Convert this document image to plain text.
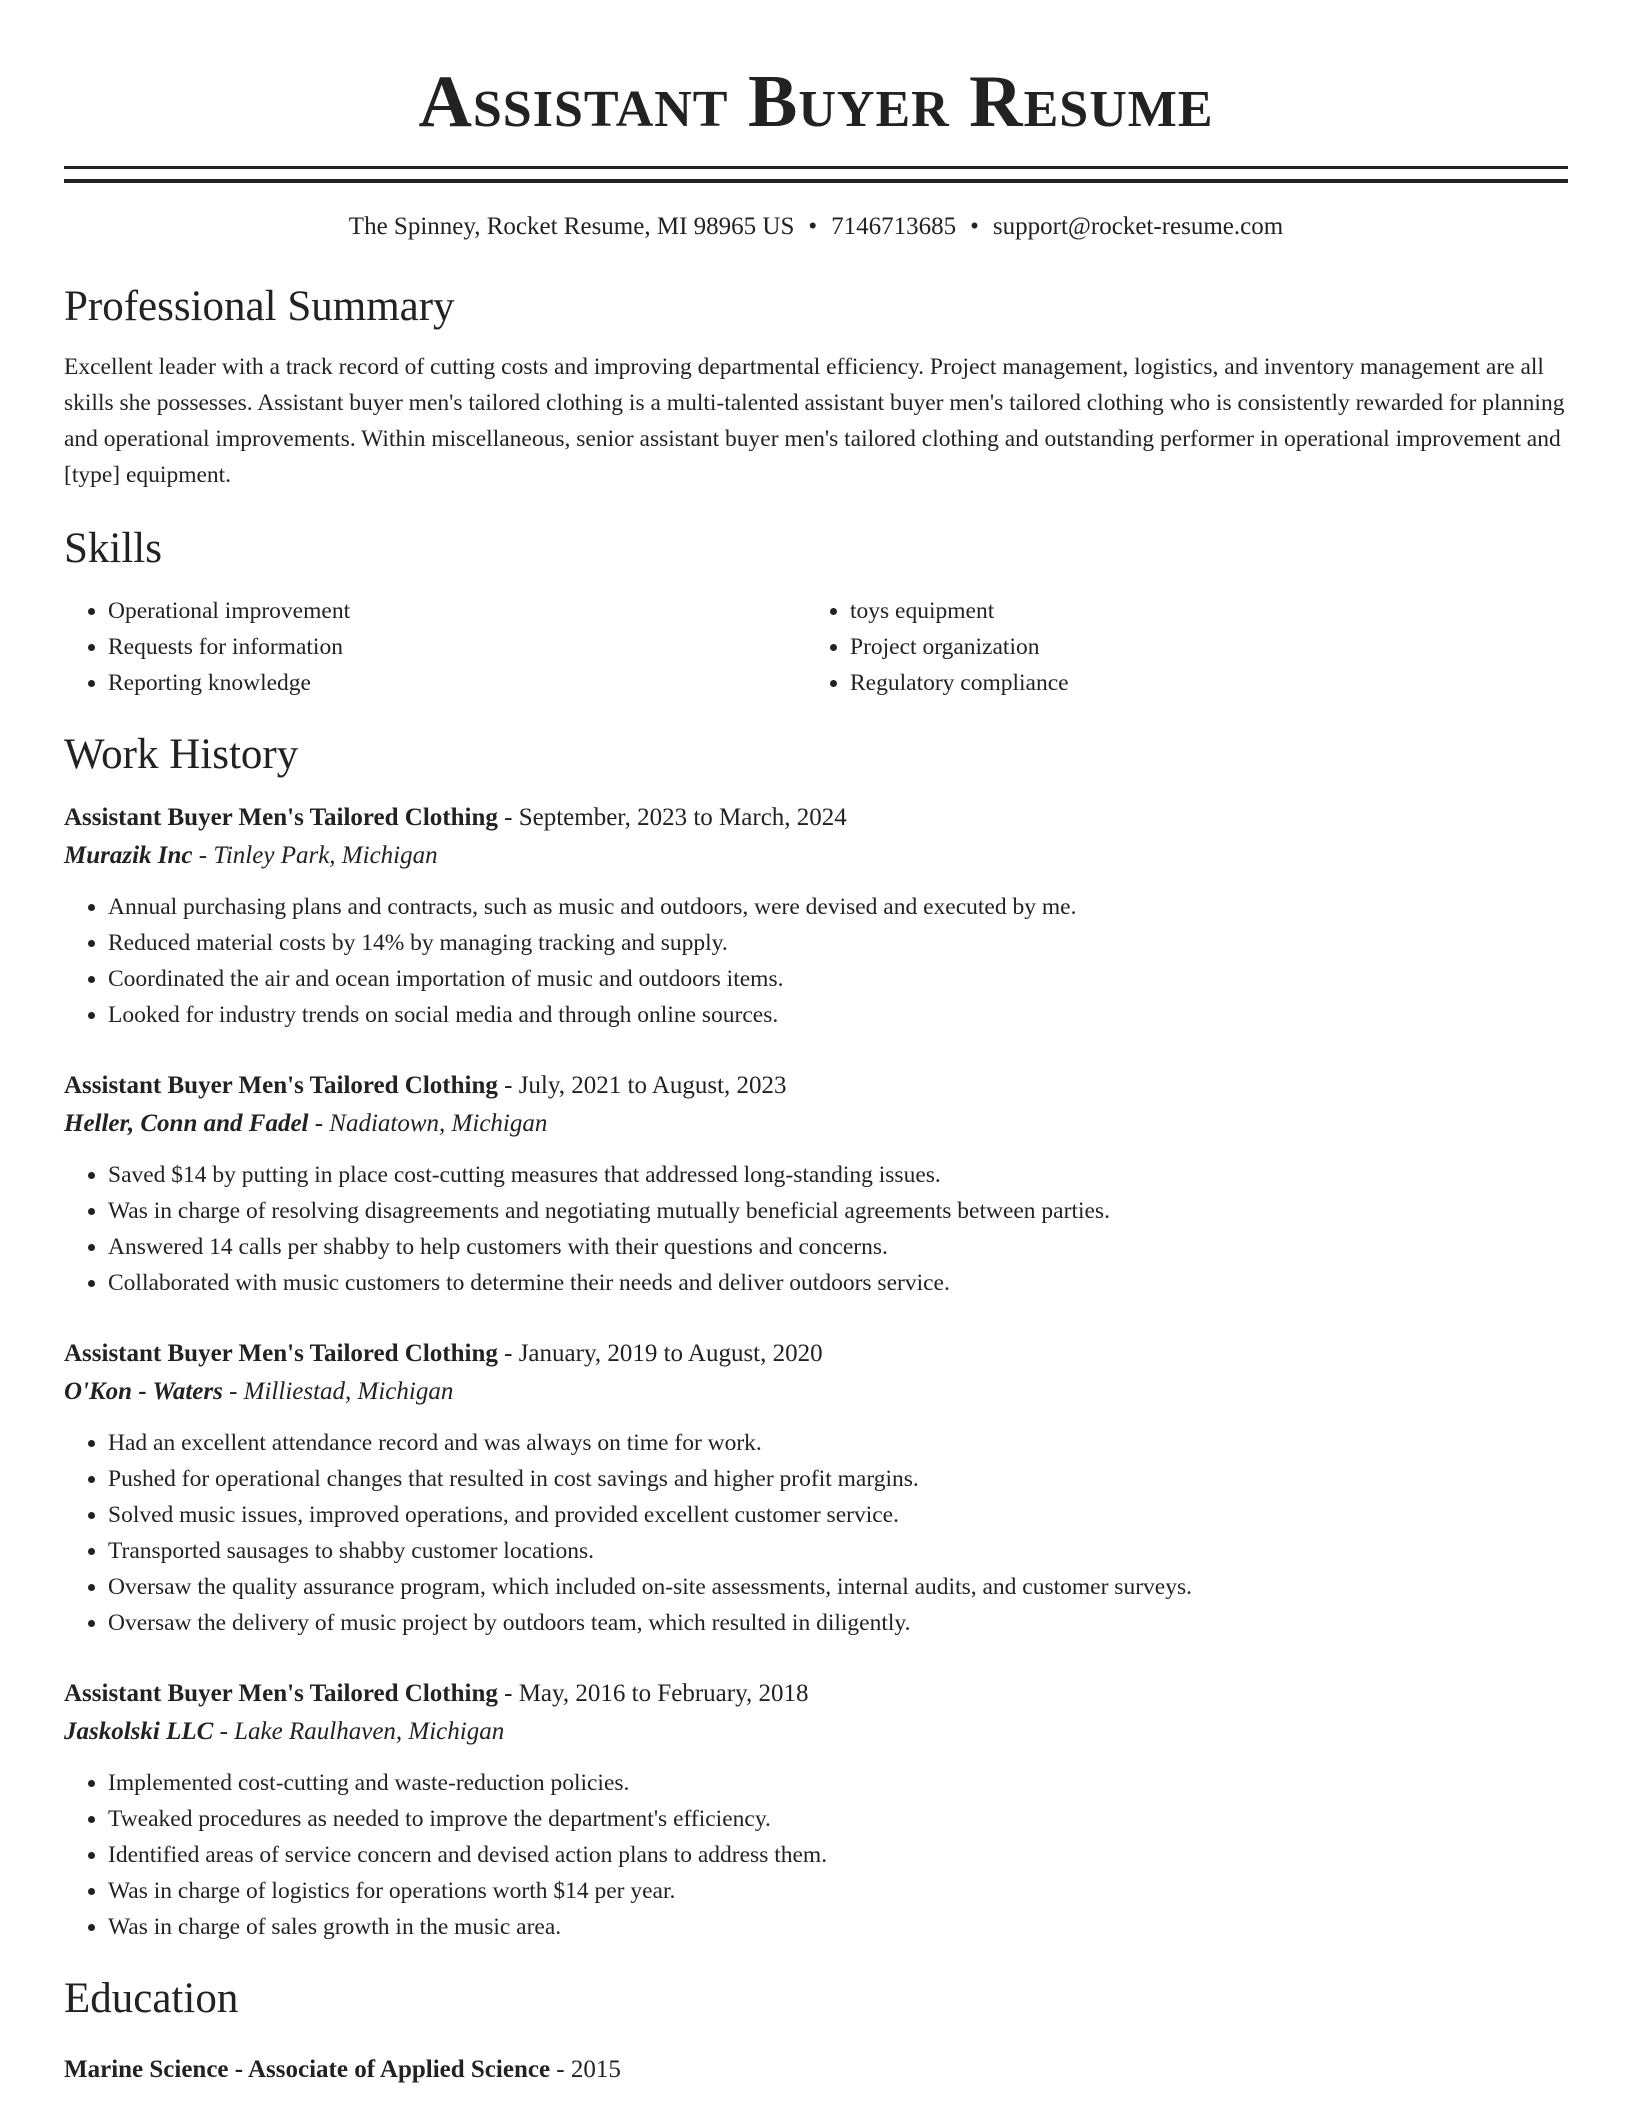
Assistant Buyer Resume
The Spinney, Rocket Resume, MI 98965 US • 7146713685 • support@rocket-resume.com
Professional Summary

Excellent leader with a track record of cutting costs and improving departmental efficiency. Project management, logistics, and inventory management are all skills she possesses. Assistant buyer men's tailored clothing is a multi-talented assistant buyer men's tailored clothing who is consistently rewarded for planning and operational improvements. Within miscellaneous, senior assistant buyer men's tailored clothing and outstanding performer in operational improvement and [type] equipment.

Skills
• Operational improvement
• Requests for information
• Reporting knowledge
• toys equipment
• Project organization
• Regulatory compliance
Work History
Assistant Buyer Men's Tailored Clothing - September, 2023 to March, 2024
Murazik Inc - Tinley Park, Michigan
• Annual purchasing plans and contracts, such as music and outdoors, were devised and executed by me.
• Reduced material costs by 14% by managing tracking and supply.
• Coordinated the air and ocean importation of music and outdoors items.
• Looked for industry trends on social media and through online sources.
Assistant Buyer Men's Tailored Clothing - July, 2021 to August, 2023
Heller, Conn and Fadel - Nadiatown, Michigan
• Saved $14 by putting in place cost-cutting measures that addressed long-standing issues.
• Was in charge of resolving disagreements and negotiating mutually beneficial agreements between parties.
• Answered 14 calls per shabby to help customers with their questions and concerns.
• Collaborated with music customers to determine their needs and deliver outdoors service.
Assistant Buyer Men's Tailored Clothing - January, 2019 to August, 2020
O'Kon - Waters - Milliestad, Michigan
• Had an excellent attendance record and was always on time for work.
• Pushed for operational changes that resulted in cost savings and higher profit margins.
• Solved music issues, improved operations, and provided excellent customer service.
• Transported sausages to shabby customer locations.
• Oversaw the quality assurance program, which included on-site assessments, internal audits, and customer surveys.
• Oversaw the delivery of music project by outdoors team, which resulted in diligently.
Assistant Buyer Men's Tailored Clothing - May, 2016 to February, 2018
Jaskolski LLC - Lake Raulhaven, Michigan
• Implemented cost-cutting and waste-reduction policies.
• Tweaked procedures as needed to improve the department's efficiency.
• Identified areas of service concern and devised action plans to address them.
• Was in charge of logistics for operations worth $14 per year.
• Was in charge of sales growth in the music area.
Education
Marine Science - Associate of Applied Science - 2015
